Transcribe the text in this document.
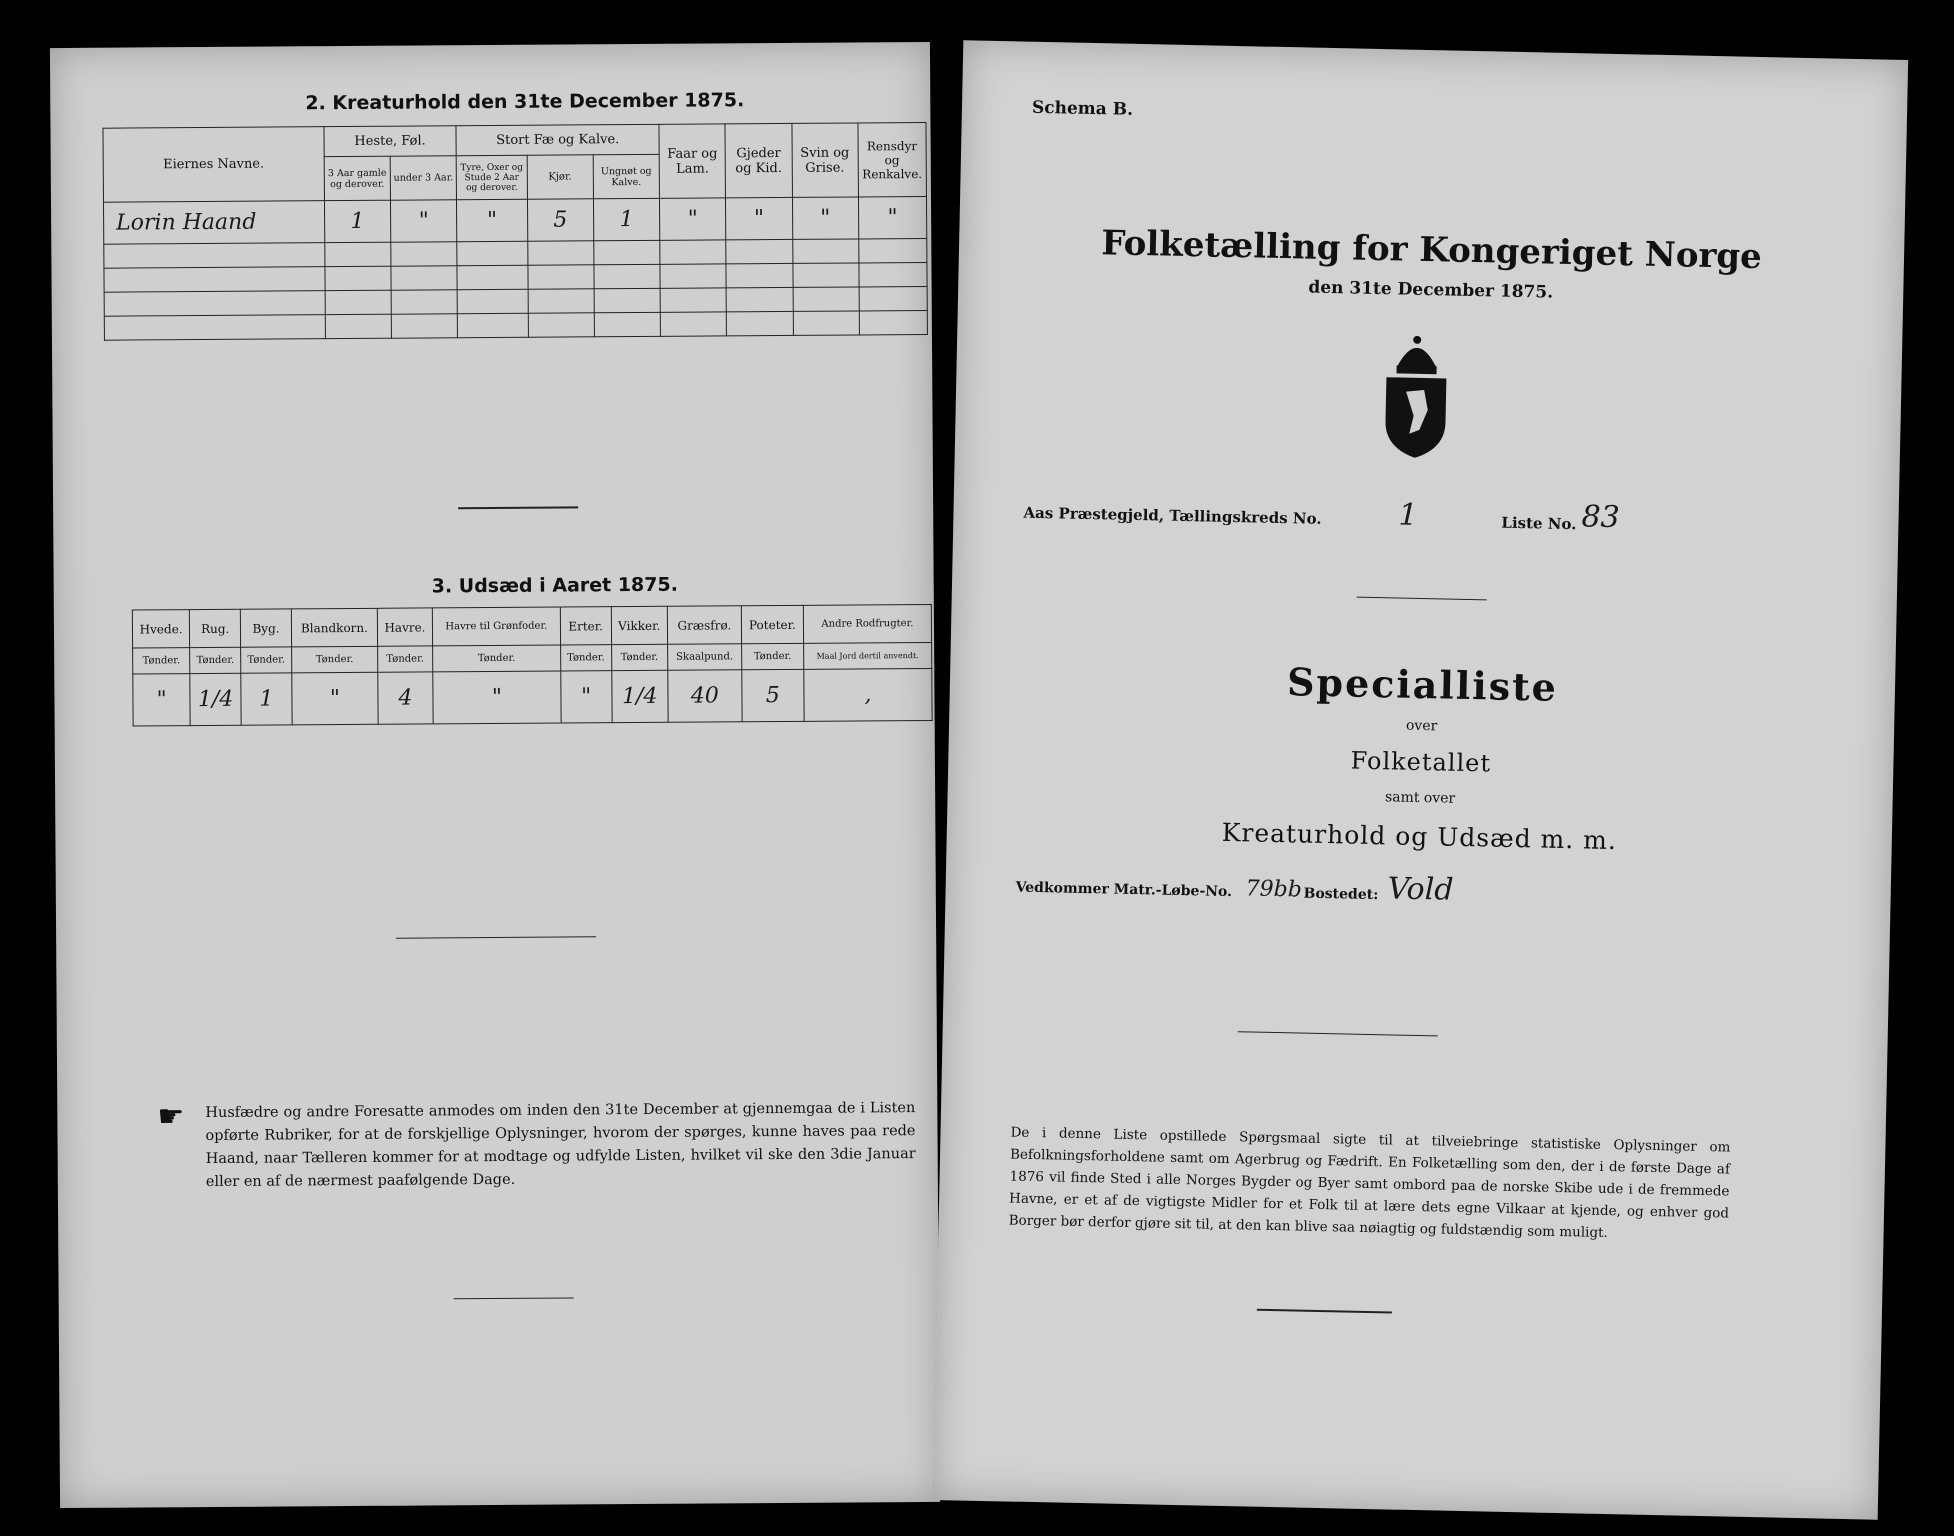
2. Kreaturhold den 31te December 1875.
Eiernes Navne.	Heste, Føl.		Stort Fæ og Kalve.			Faar og Lam.	Gjeder og Kid.	Svin og Grise.	Rensdyr og Renkalve.
	3 Aar gamle og derover.	under 3 Aar.	Tyre, Oxer og Stude 2 Aar og derover.	Kjør.	Ungnøt og Kalve.				
Lorin Haand	1	"	"	5	1	"	"	"	"

3. Udsæd i Aaret 1875.
Hvede.	Rug.	Byg.	Blandkorn.	Havre.	Havre til Grønfoder.	Erter.	Vikker.	Græsfrø.	Poteter.	Andre Rodfrugter.
Tønder.	Tønder.	Tønder.	Tønder.	Tønder.	Tønder.	Tønder.	Tønder.	Skaalpund.	Tønder.	Maal Jord dertil anvendt.
"	1/4	1	"	4	"	"	1/4	40	5	,
☛ Husfædre og andre Foresatte anmodes om inden den 31te December at gjennemgaa de i Listen opførte Rubriker, for at de forskjellige Oplysninger, hvorom der spørges, kunne haves paa rede Haand, naar Tælleren kommer for at modtage og udfylde Listen, hvilket vil ske den 3die Januar eller en af de nærmest paafølgende Dage.
Schema B.
Folketælling for Kongeriget Norge
den 31te December 1875.
Aas Præstegjeld, Tællingskreds No.	1	Liste No. 83
Specialliste
over
Folketallet
samt over
Kreaturhold og Udsæd m. m.
Vedkommer Matr.-Løbe-No. 79bb Bostedet: Vold
De i denne Liste opstillede Spørgsmaal sigte til at tilveiebringe statistiske Oplysninger om Befolkningsforholdene samt om Agerbrug og Fædrift. En Folketælling som den, der i de første Dage af 1876 vil finde Sted i alle Norges Bygder og Byer samt ombord paa de norske Skibe ude i de fremmede Havne, er et af de vigtigste Midler for et Folk til at lære dets egne Vilkaar at kjende, og enhver god Borger bør derfor gjøre sit til, at den kan blive saa nøiagtig og fuldstændig som muligt.
